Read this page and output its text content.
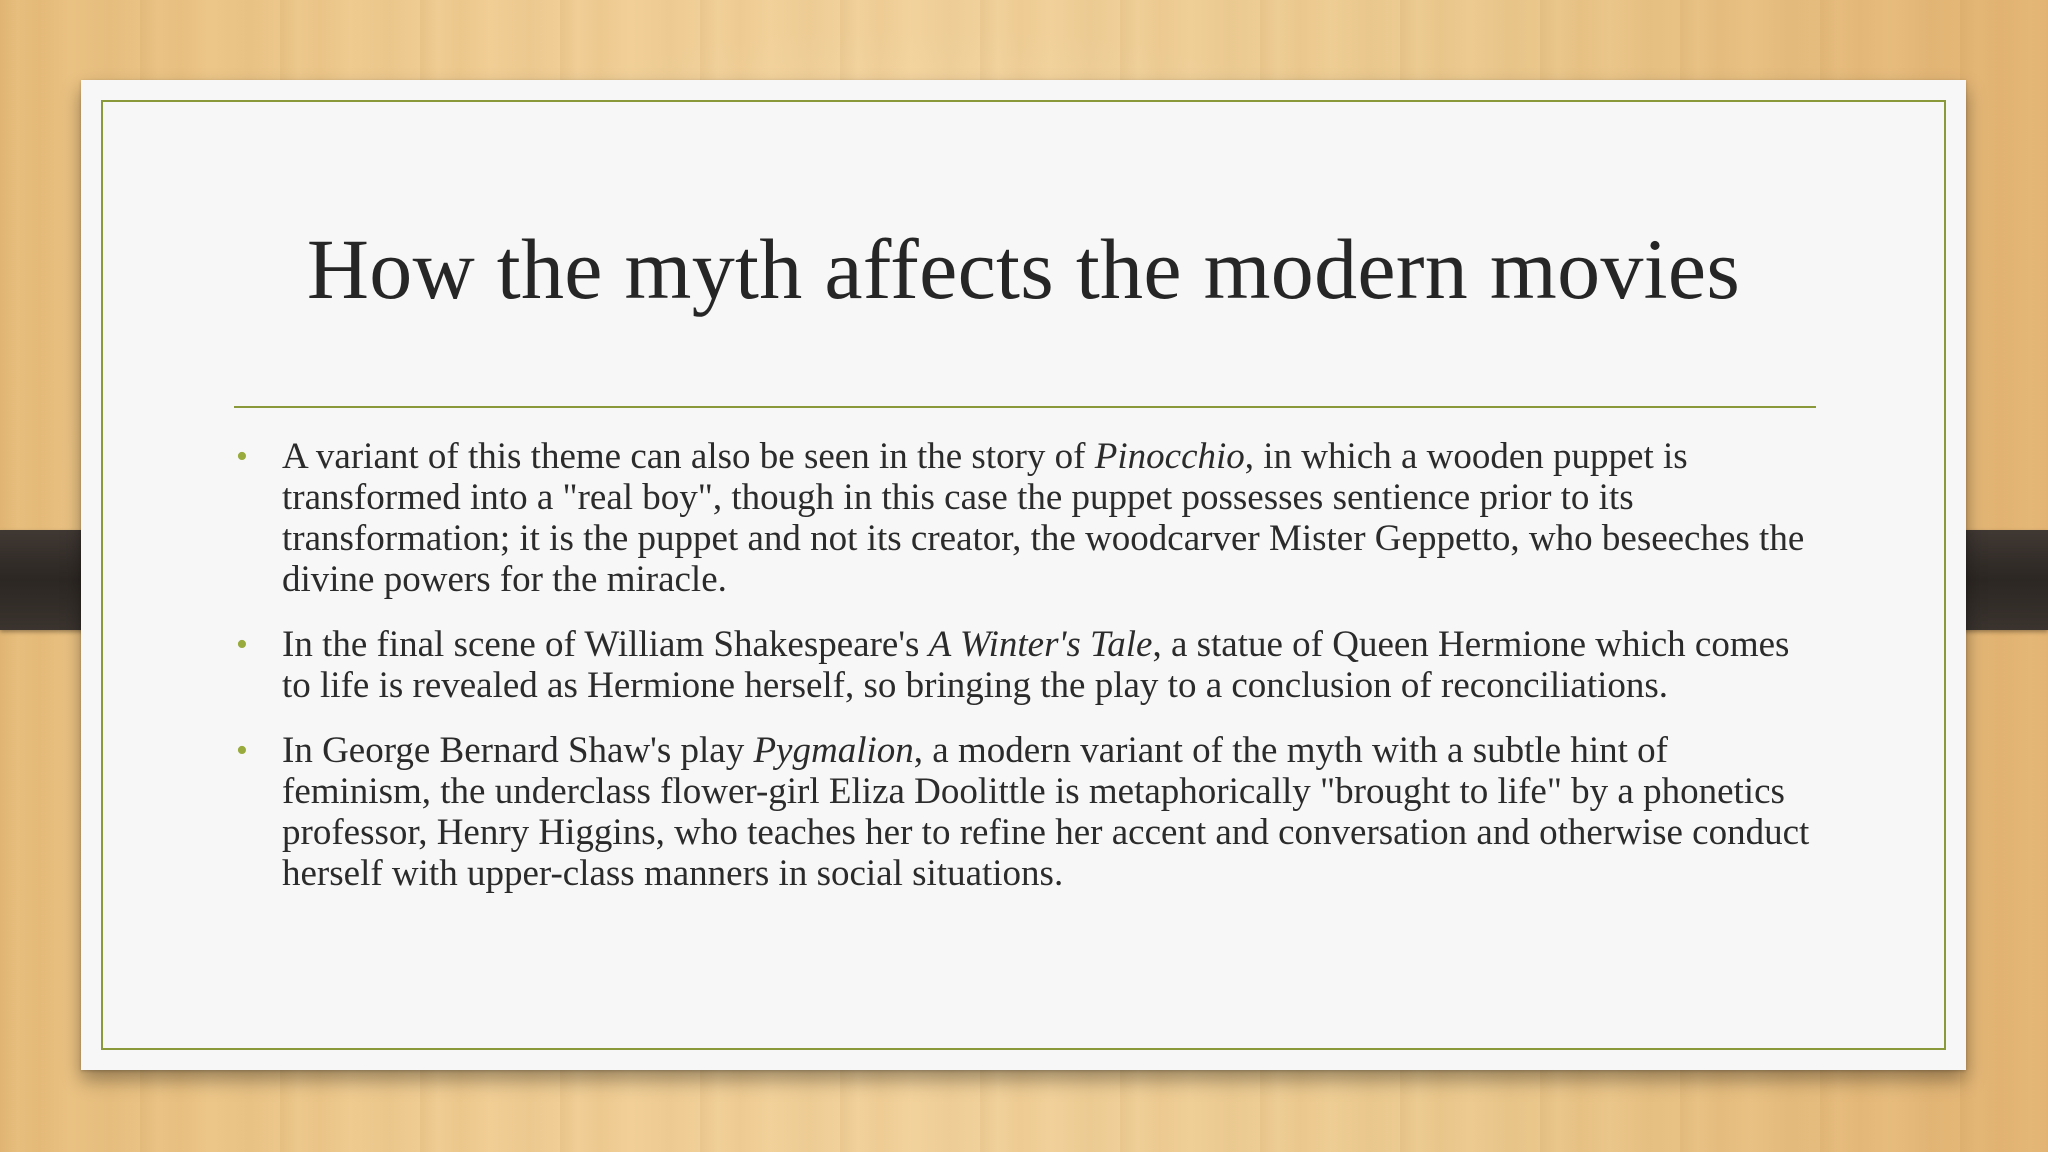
How the myth affects the modern movies
• A variant of this theme can also be seen in the story of Pinocchio, in which a wooden puppet is transformed into a "real boy", though in this case the puppet possesses sentience prior to its transformation; it is the puppet and not its creator, the woodcarver Mister Geppetto, who beseeches the divine powers for the miracle.
• In the final scene of William Shakespeare's A Winter's Tale, a statue of Queen Hermione which comes to life is revealed as Hermione herself, so bringing the play to a conclusion of reconciliations.
• In George Bernard Shaw's play Pygmalion, a modern variant of the myth with a subtle hint of feminism, the underclass flower-girl Eliza Doolittle is metaphorically "brought to life" by a phonetics professor, Henry Higgins, who teaches her to refine her accent and conversation and otherwise conduct herself with upper-class manners in social situations.
